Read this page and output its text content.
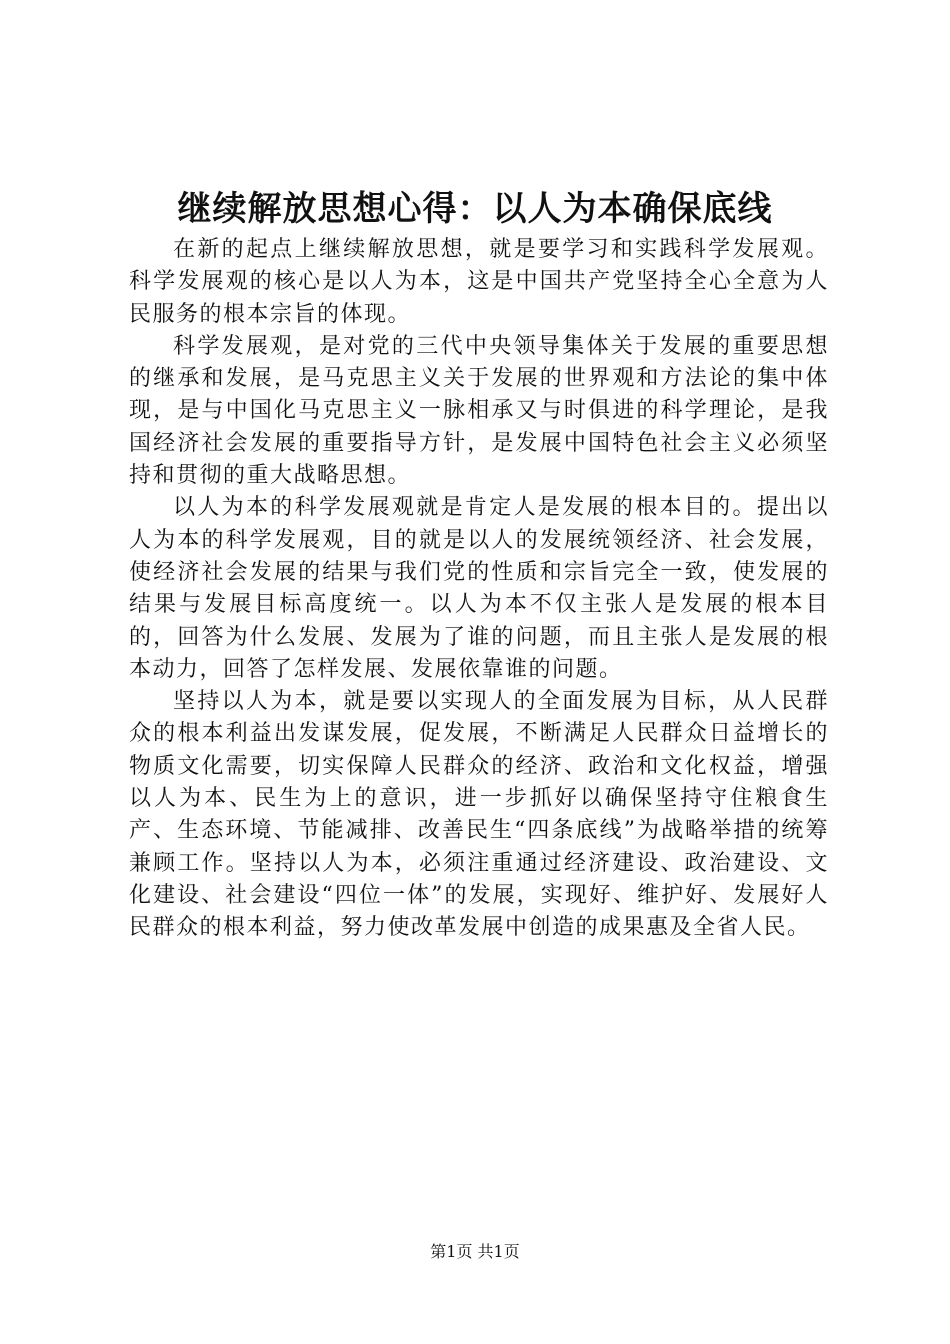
继续解放思想心得：以人为本确保底线

在新的起点上继续解放思想，就是要学习和实践科学发展观。科学发展观的核心是以人为本，这是中国共产党坚持全心全意为人民服务的根本宗旨的体现。

科学发展观，是对党的三代中央领导集体关于发展的重要思想的继承和发展，是马克思主义关于发展的世界观和方法论的集中体现，是与中国化马克思主义一脉相承又与时俱进的科学理论，是我国经济社会发展的重要指导方针，是发展中国特色社会主义必须坚持和贯彻的重大战略思想。

以人为本的科学发展观就是肯定人是发展的根本目的。提出以人为本的科学发展观，目的就是以人的发展统领经济、社会发展，使经济社会发展的结果与我们党的性质和宗旨完全一致，使发展的结果与发展目标高度统一。以人为本不仅主张人是发展的根本目的，回答为什么发展、发展为了谁的问题，而且主张人是发展的根本动力，回答了怎样发展、发展依靠谁的问题。

坚持以人为本，就是要以实现人的全面发展为目标，从人民群众的根本利益出发谋发展，促发展，不断满足人民群众日益增长的物质文化需要，切实保障人民群众的经济、政治和文化权益，增强以人为本、民生为上的意识，进一步抓好以确保坚持守住粮食生产、生态环境、节能减排、改善民生“四条底线”为战略举措的统筹兼顾工作。坚持以人为本，必须注重通过经济建设、政治建设、文化建设、社会建设“四位一体”的发展，实现好、维护好、发展好人民群众的根本利益，努力使改革发展中创造的成果惠及全省人民。

第1页 共1页
